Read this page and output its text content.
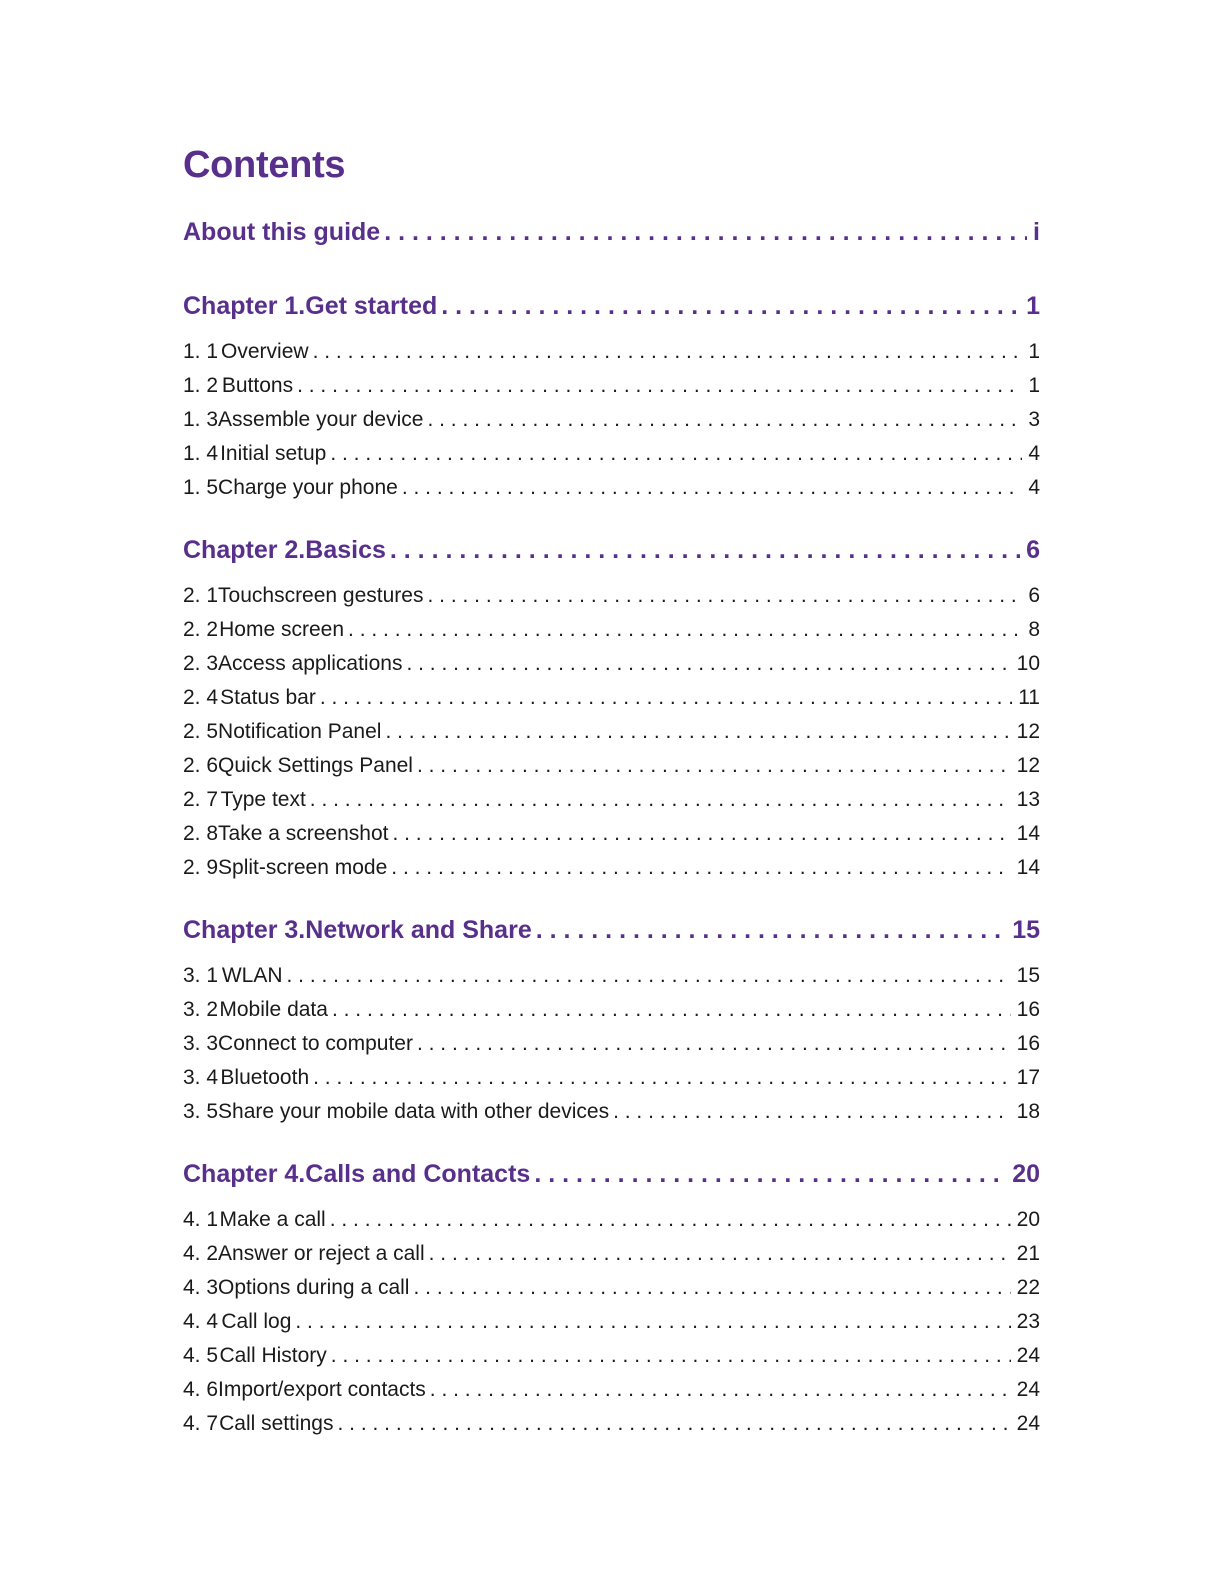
Contents
About this guide . . .	i
Chapter 1. Get started . . .	1
1. 1 Overview . . .	1
1. 2 Buttons . . .	1
1. 3 Assemble your device . . .	3
1. 4 Initial setup . . .	4
1. 5 Charge your phone . . .	4
Chapter 2. Basics . . .	6
2. 1 Touchscreen gestures . . .	6
2. 2 Home screen . . .	8
2. 3 Access applications . . .	10
2. 4 Status bar . . .	11
2. 5 Notification Panel . . .	12
2. 6 Quick Settings Panel . . .	12
2. 7 Type text . . .	13
2. 8 Take a screenshot . . .	14
2. 9 Split-screen mode . . .	14
Chapter 3. Network and Share . . .	15
3. 1 WLAN . . .	15
3. 2 Mobile data . . .	16
3. 3 Connect to computer . . .	16
3. 4 Bluetooth . . .	17
3. 5 Share your mobile data with other devices . . .	18
Chapter 4. Calls and Contacts . . .	20
4. 1 Make a call . . .	20
4. 2 Answer or reject a call . . .	21
4. 3 Options during a call . . .	22
4. 4 Call log . . .	23
4. 5 Call History . . .	24
4. 6 Import/export contacts . . .	24
4. 7 Call settings . . .	24
